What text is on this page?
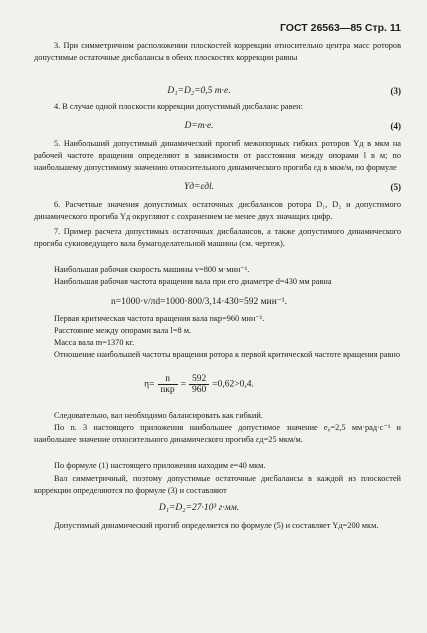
ГОСТ 26563—85 Стр. 11
3. При симметричном расположении плоскостей коррекции относительно центра масс роторов допустимые остаточные дисбалансы в обеих плоскостях коррекции равны
D₁=D₂=0,5 m·e.	(3)
4. В случае одной плоскости коррекции допустимый дисбаланс равен:
D=m·e.	(4)
5. Наибольший допустимый динамический прогиб межопорных гибких роторов Yд в мкм на рабочей частоте вращения определяют в зависимости от расстояния между опорами l в м; по наибольшему допустимому значению относительного динамического прогиба εд в мкм/м, по формуле
Yд=εдl.	(5)
6. Расчетные значения допустимых остаточных дисбалансов ротора D₁, D₂ и допустимого динамического прогиба Yд округляют с сохранением не менее двух значащих цифр.
7. Пример расчета допустимых остаточных дисбалансов, а также допустимого динамического прогиба сукноведущего вала бумагоделательной машины (см. чертеж).
Наибольшая рабочая скорость машины v=800 м·мин⁻¹.
Наибольшая рабочая частота вращения вала при его диаметре d=430 мм равна
n=1000·v/πd=1000·800/3,14·430=592 мин⁻¹.
Первая критическая частота вращения вала nкр=960 мин⁻¹.
Расстояние между опорами вала l=8 м.
Масса вала m=1370 кг.
Отношение наибольшей частоты вращения ротора к первой критической частоте вращения равно
$\eta= \frac{n}{\text{nкр}} = \frac{592}{960} =0,62>0,4$.
Следовательно, вал необходимо балансировать как гибкий.
По п. 3 настоящего приложения наибольшее допустимое значение e₀=2,5 мм·рад·с⁻¹ и наибольшее значение относительного динамического прогиба εд=25 мкм/м.
По формуле (1) настоящего приложения находим e=40 мкм.
Вал симметричный, поэтому допустимые остаточные дисбалансы в каждой из плоскостей коррекции определяются по формуле (3) и составляют
D₁=D₂=27·10³ г·мм.
Допустимый динамический прогиб определяется по формуле (5) и составляет Yд=200 мкм.
